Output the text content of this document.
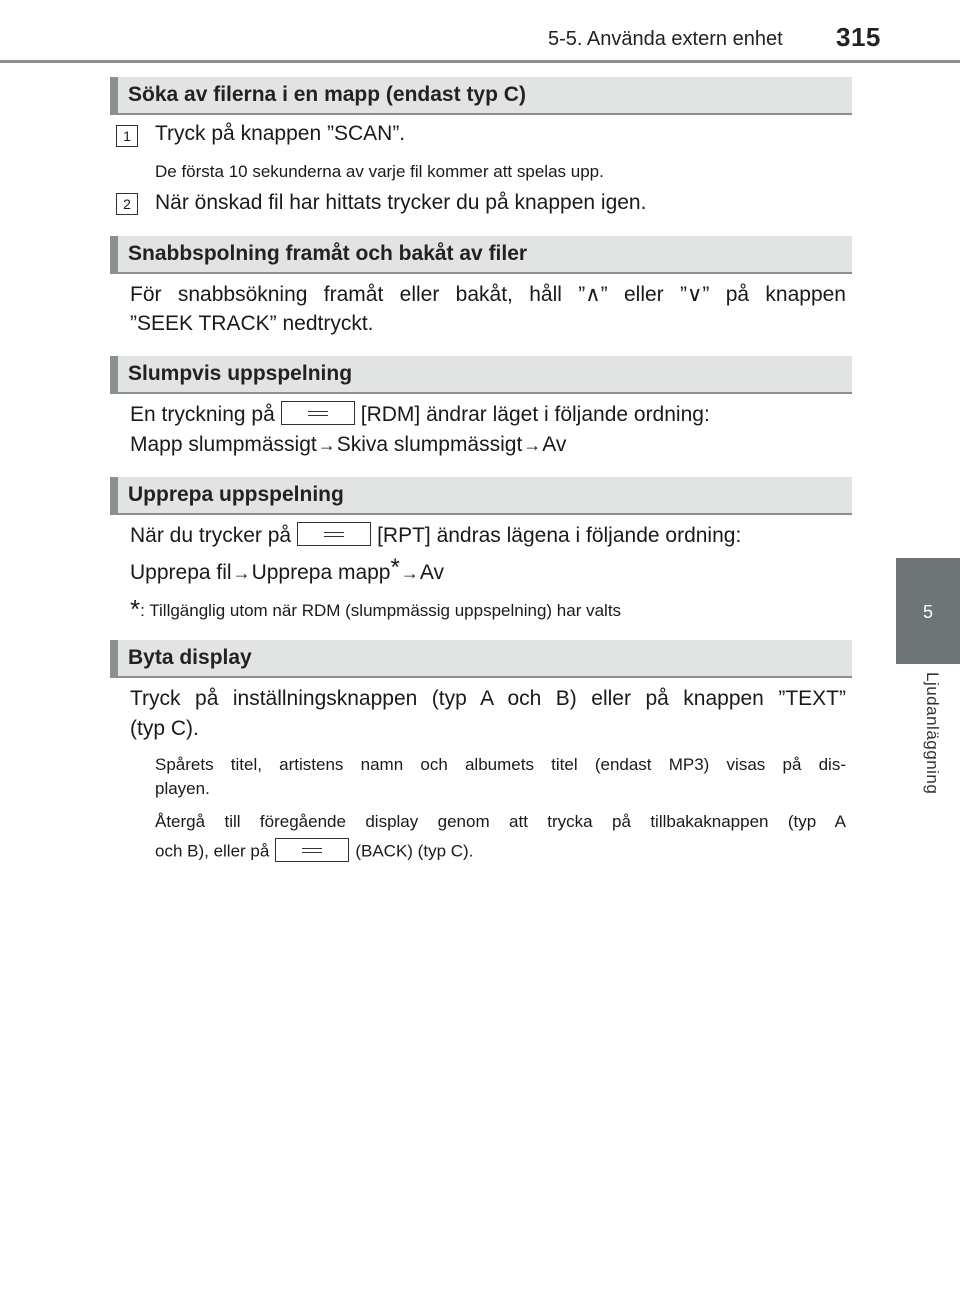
5-5. Använda extern enhet 315
5
Ljudanläggning
Söka av filerna i en mapp (endast typ C)
1	Tryck på knappen ”SCAN”.
De första 10 sekunderna av varje fil kommer att spelas upp.
2	När önskad fil har hittats trycker du på knappen igen.
Snabbspolning framåt och bakåt av filer
För snabbsökning framåt eller bakåt, håll ”∧” eller ”∨” på knappen
”SEEK TRACK” nedtryckt.
Slumpvis uppspelning
En tryckning på	[RDM] ändrar läget i följande ordning:
Mapp slumpmässigt→Skiva slumpmässigt→Av
Upprepa uppspelning
När du trycker på	[RPT] ändras lägena i följande ordning:
Upprepa fil→Upprepa mapp*→Av
*: Tillgänglig utom när RDM (slumpmässig uppspelning) har valts
Byta display
Tryck på inställningsknappen (typ A och B) eller på knappen ”TEXT”
(typ C).
Spårets titel, artistens namn och albumets titel (endast MP3) visas på dis-
playen.
Återgå till föregående display genom att trycka på tillbakaknappen (typ A
och B), eller på	(BACK) (typ C).
